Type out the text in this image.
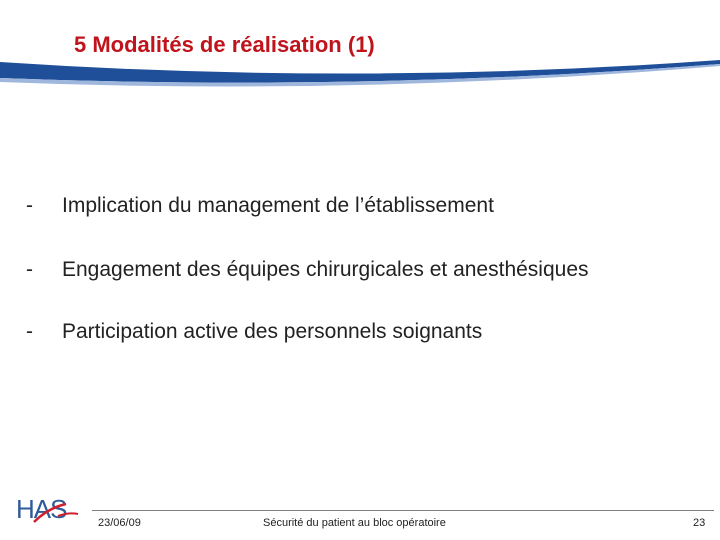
5 Modalités de réalisation (1)
- Implication du management de l’établissement
- Engagement des équipes chirurgicales et anesthésiques
- Participation active des personnels soignants
HAS	23/06/09	Sécurité du patient au bloc opératoire	23
